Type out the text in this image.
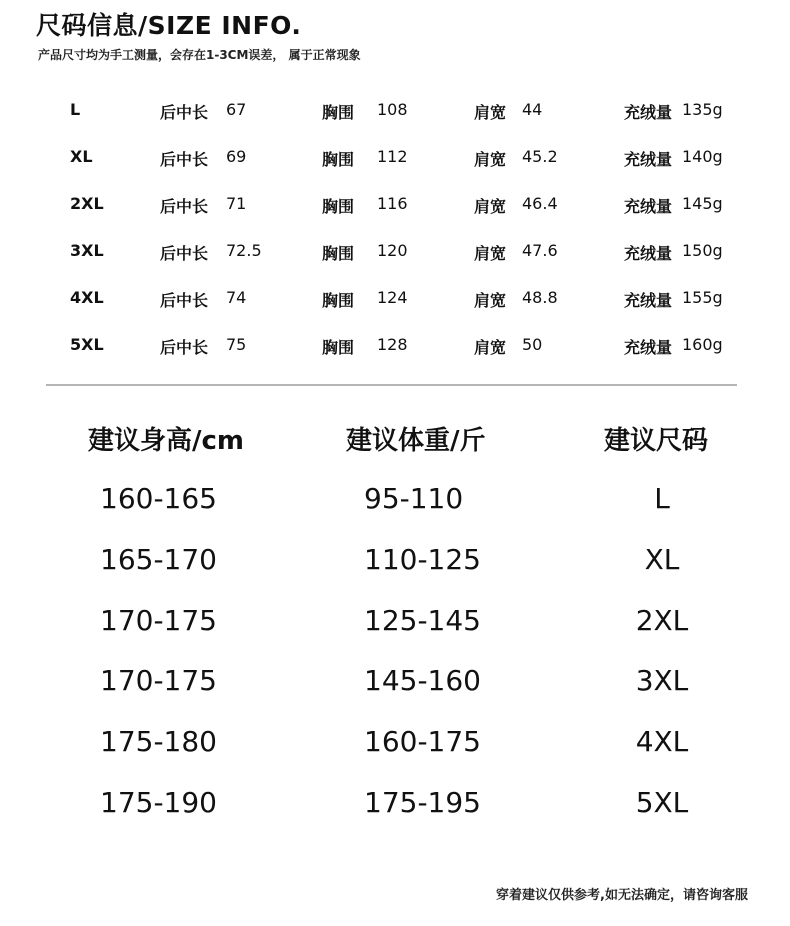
尺码信息/SIZE INFO.
产品尺寸均为手工测量，会存在1-3CM误差， 属于正常现象
L	后中长 67	胸围 108	肩宽 44	充绒量 135g
XL	后中长 69	胸围 112	肩宽 45.2	充绒量 140g
2XL	后中长 71	胸围 116	肩宽 46.4	充绒量 145g
3XL	后中长 72.5	胸围 120	肩宽 47.6	充绒量 150g
4XL	后中长 74	胸围 124	肩宽 48.8	充绒量 155g
5XL	后中长 75	胸围 128	肩宽 50	充绒量 160g
建议身高/cm	建议体重/斤	建议尺码
160-165	95-110	L
165-170	110-125	XL
170-175	125-145	2XL
170-175	145-160	3XL
175-180	160-175	4XL
175-190	175-195	5XL
穿着建议仅供参考,如无法确定，请咨询客服
